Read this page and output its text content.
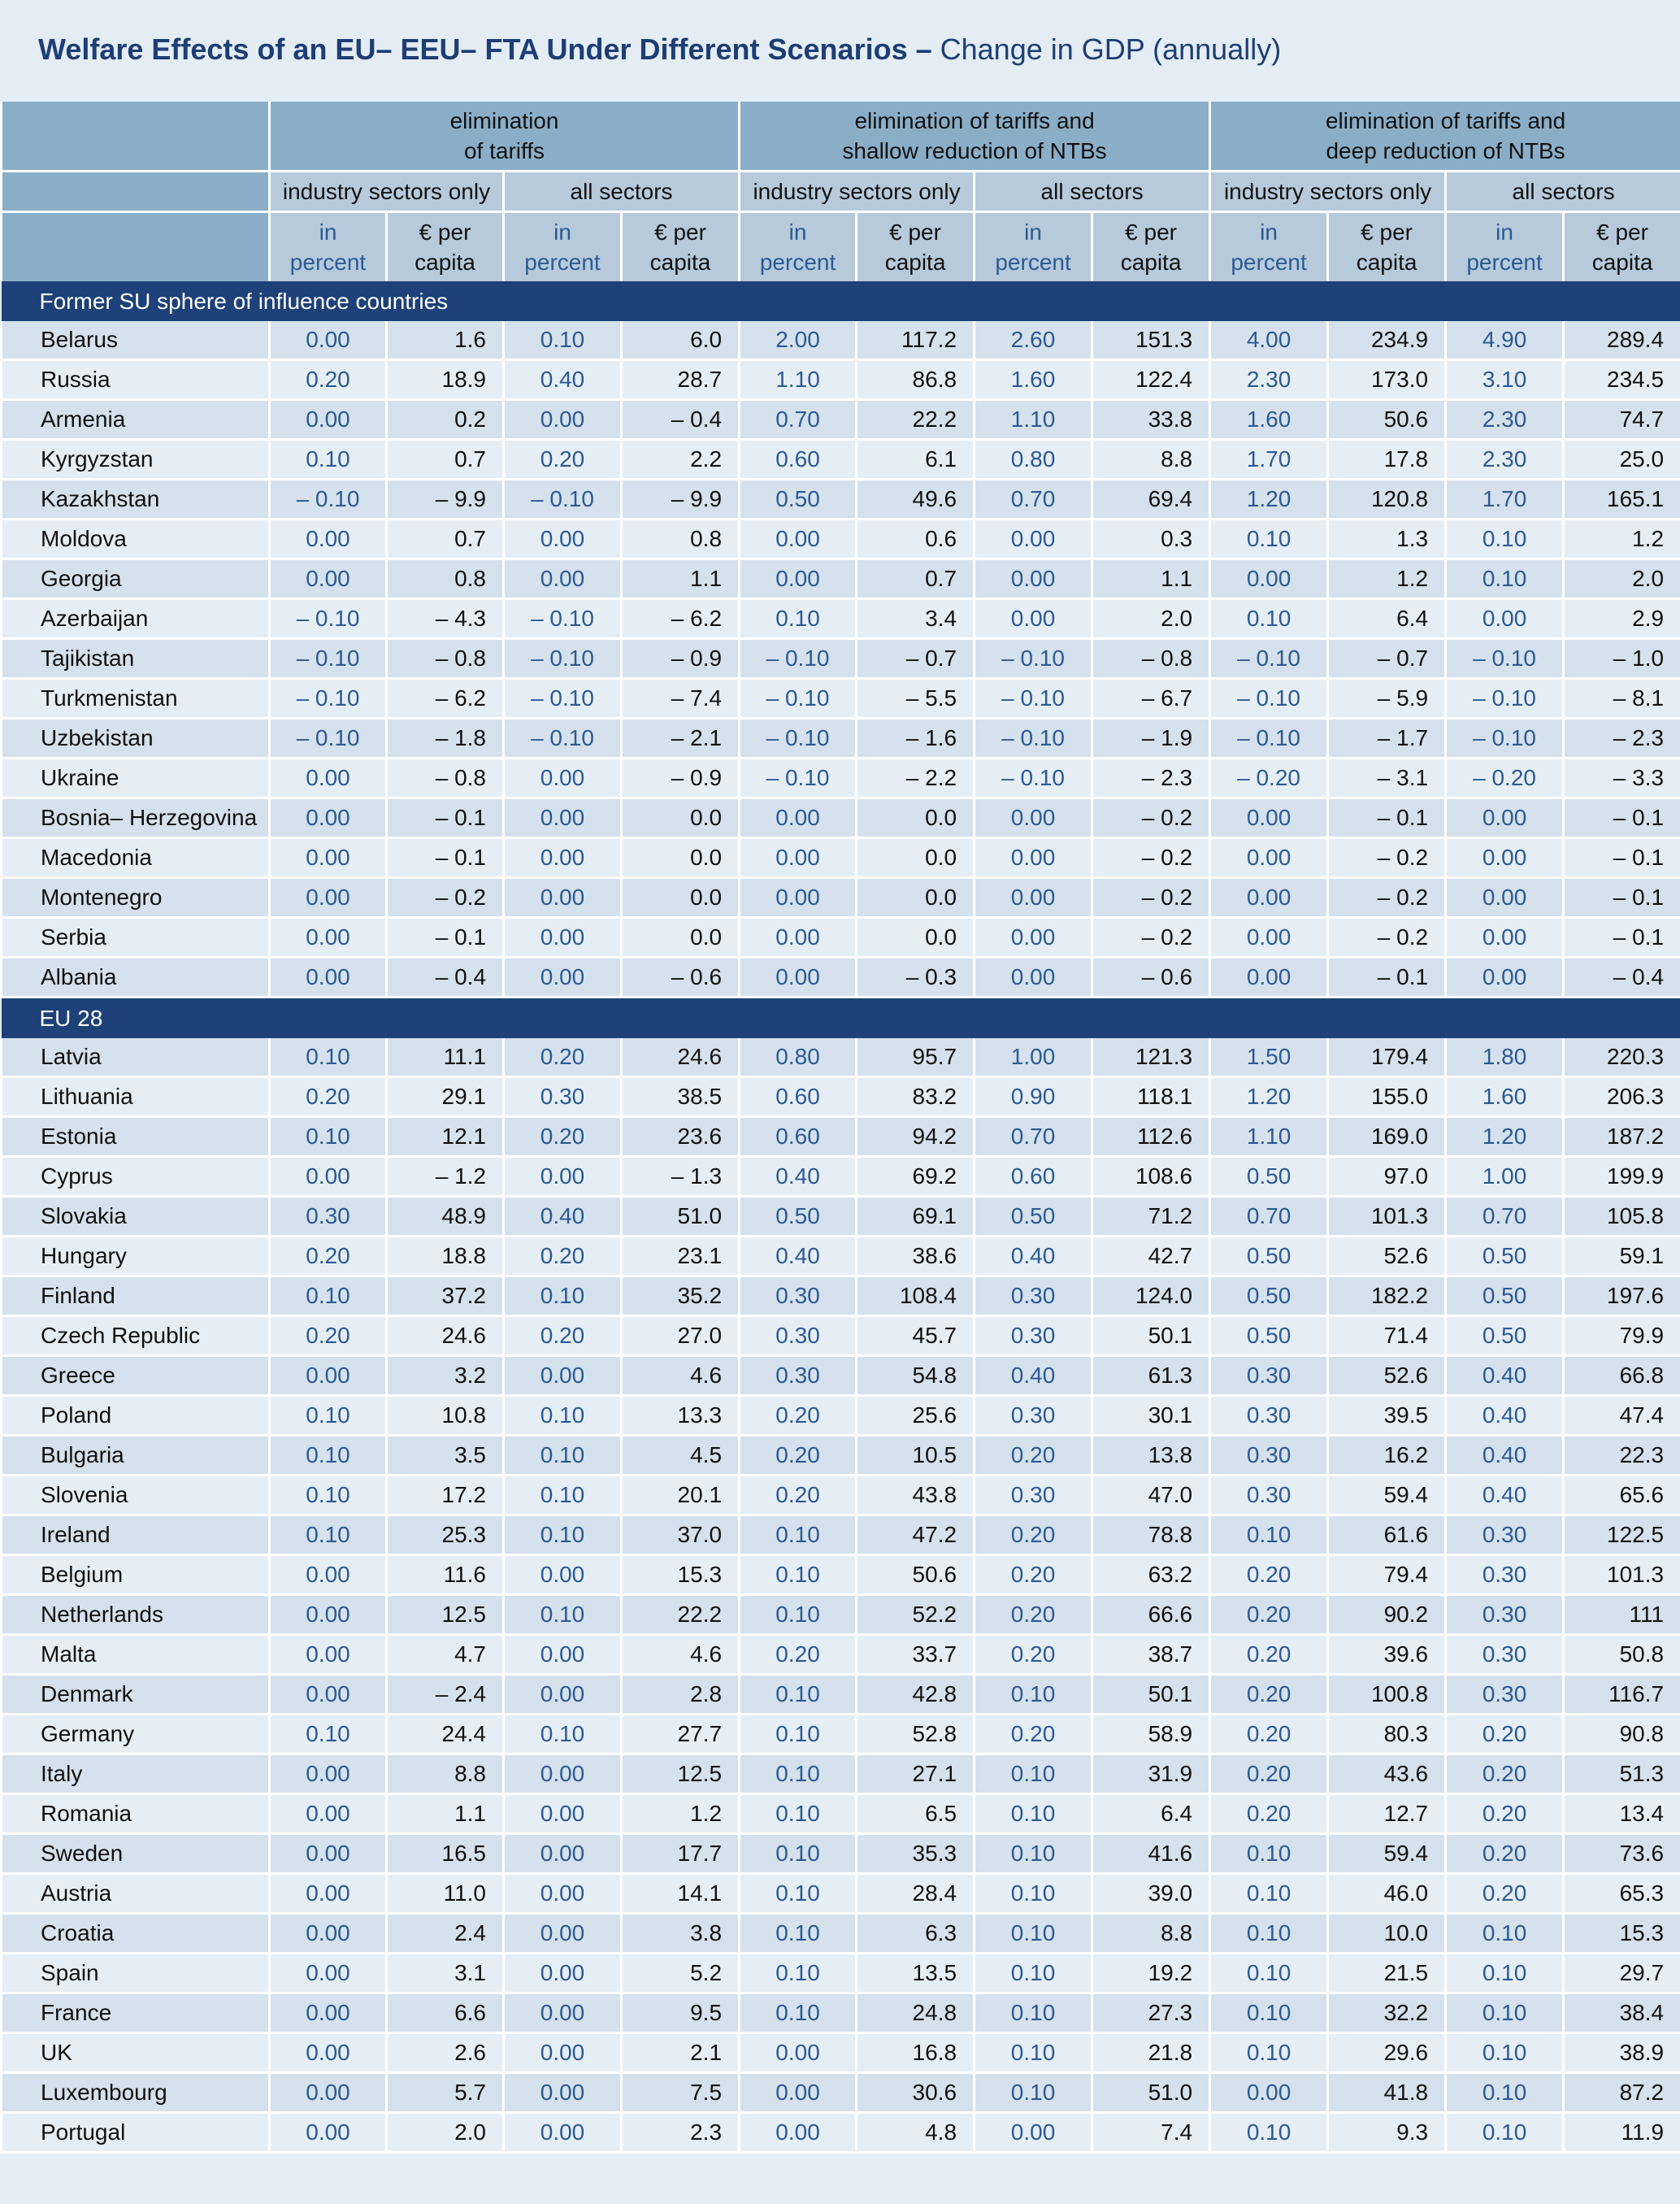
Welfare Effects of an EU– EEU– FTA Under Different Scenarios – Change in GDP (annually)
	elimination
of tariffs				elimination of tariffs and
shallow reduction of NTBs				elimination of tariffs and
deep reduction of NTBs			
	industry sectors only		all sectors		industry sectors only		all sectors		industry sectors only		all sectors	
	in
percent	€ per
capita	in
percent	€ per
capita	in
percent	€ per
capita	in
percent	€ per
capita	in
percent	€ per
capita	in
percent	€ per
capita
Former SU sphere of influence countries												
Belarus	0.00	1.6	0.10	6.0	2.00	117.2	2.60	151.3	4.00	234.9	4.90	289.4
Russia	0.20	18.9	0.40	28.7	1.10	86.8	1.60	122.4	2.30	173.0	3.10	234.5
Armenia	0.00	0.2	0.00	– 0.4	0.70	22.2	1.10	33.8	1.60	50.6	2.30	74.7
Kyrgyzstan	0.10	0.7	0.20	2.2	0.60	6.1	0.80	8.8	1.70	17.8	2.30	25.0
Kazakhstan	– 0.10	– 9.9	– 0.10	– 9.9	0.50	49.6	0.70	69.4	1.20	120.8	1.70	165.1
Moldova	0.00	0.7	0.00	0.8	0.00	0.6	0.00	0.3	0.10	1.3	0.10	1.2
Georgia	0.00	0.8	0.00	1.1	0.00	0.7	0.00	1.1	0.00	1.2	0.10	2.0
Azerbaijan	– 0.10	– 4.3	– 0.10	– 6.2	0.10	3.4	0.00	2.0	0.10	6.4	0.00	2.9
Tajikistan	– 0.10	– 0.8	– 0.10	– 0.9	– 0.10	– 0.7	– 0.10	– 0.8	– 0.10	– 0.7	– 0.10	– 1.0
Turkmenistan	– 0.10	– 6.2	– 0.10	– 7.4	– 0.10	– 5.5	– 0.10	– 6.7	– 0.10	– 5.9	– 0.10	– 8.1
Uzbekistan	– 0.10	– 1.8	– 0.10	– 2.1	– 0.10	– 1.6	– 0.10	– 1.9	– 0.10	– 1.7	– 0.10	– 2.3
Ukraine	0.00	– 0.8	0.00	– 0.9	– 0.10	– 2.2	– 0.10	– 2.3	– 0.20	– 3.1	– 0.20	– 3.3
Bosnia– Herzegovina	0.00	– 0.1	0.00	0.0	0.00	0.0	0.00	– 0.2	0.00	– 0.1	0.00	– 0.1
Macedonia	0.00	– 0.1	0.00	0.0	0.00	0.0	0.00	– 0.2	0.00	– 0.2	0.00	– 0.1
Montenegro	0.00	– 0.2	0.00	0.0	0.00	0.0	0.00	– 0.2	0.00	– 0.2	0.00	– 0.1
Serbia	0.00	– 0.1	0.00	0.0	0.00	0.0	0.00	– 0.2	0.00	– 0.2	0.00	– 0.1
Albania	0.00	– 0.4	0.00	– 0.6	0.00	– 0.3	0.00	– 0.6	0.00	– 0.1	0.00	– 0.4
EU 28												
Latvia	0.10	11.1	0.20	24.6	0.80	95.7	1.00	121.3	1.50	179.4	1.80	220.3
Lithuania	0.20	29.1	0.30	38.5	0.60	83.2	0.90	118.1	1.20	155.0	1.60	206.3
Estonia	0.10	12.1	0.20	23.6	0.60	94.2	0.70	112.6	1.10	169.0	1.20	187.2
Cyprus	0.00	– 1.2	0.00	– 1.3	0.40	69.2	0.60	108.6	0.50	97.0	1.00	199.9
Slovakia	0.30	48.9	0.40	51.0	0.50	69.1	0.50	71.2	0.70	101.3	0.70	105.8
Hungary	0.20	18.8	0.20	23.1	0.40	38.6	0.40	42.7	0.50	52.6	0.50	59.1
Finland	0.10	37.2	0.10	35.2	0.30	108.4	0.30	124.0	0.50	182.2	0.50	197.6
Czech Republic	0.20	24.6	0.20	27.0	0.30	45.7	0.30	50.1	0.50	71.4	0.50	79.9
Greece	0.00	3.2	0.00	4.6	0.30	54.8	0.40	61.3	0.30	52.6	0.40	66.8
Poland	0.10	10.8	0.10	13.3	0.20	25.6	0.30	30.1	0.30	39.5	0.40	47.4
Bulgaria	0.10	3.5	0.10	4.5	0.20	10.5	0.20	13.8	0.30	16.2	0.40	22.3
Slovenia	0.10	17.2	0.10	20.1	0.20	43.8	0.30	47.0	0.30	59.4	0.40	65.6
Ireland	0.10	25.3	0.10	37.0	0.10	47.2	0.20	78.8	0.10	61.6	0.30	122.5
Belgium	0.00	11.6	0.00	15.3	0.10	50.6	0.20	63.2	0.20	79.4	0.30	101.3
Netherlands	0.00	12.5	0.10	22.2	0.10	52.2	0.20	66.6	0.20	90.2	0.30	111
Malta	0.00	4.7	0.00	4.6	0.20	33.7	0.20	38.7	0.20	39.6	0.30	50.8
Denmark	0.00	– 2.4	0.00	2.8	0.10	42.8	0.10	50.1	0.20	100.8	0.30	116.7
Germany	0.10	24.4	0.10	27.7	0.10	52.8	0.20	58.9	0.20	80.3	0.20	90.8
Italy	0.00	8.8	0.00	12.5	0.10	27.1	0.10	31.9	0.20	43.6	0.20	51.3
Romania	0.00	1.1	0.00	1.2	0.10	6.5	0.10	6.4	0.20	12.7	0.20	13.4
Sweden	0.00	16.5	0.00	17.7	0.10	35.3	0.10	41.6	0.10	59.4	0.20	73.6
Austria	0.00	11.0	0.00	14.1	0.10	28.4	0.10	39.0	0.10	46.0	0.20	65.3
Croatia	0.00	2.4	0.00	3.8	0.10	6.3	0.10	8.8	0.10	10.0	0.10	15.3
Spain	0.00	3.1	0.00	5.2	0.10	13.5	0.10	19.2	0.10	21.5	0.10	29.7
France	0.00	6.6	0.00	9.5	0.10	24.8	0.10	27.3	0.10	32.2	0.10	38.4
UK	0.00	2.6	0.00	2.1	0.00	16.8	0.10	21.8	0.10	29.6	0.10	38.9
Luxembourg	0.00	5.7	0.00	7.5	0.00	30.6	0.10	51.0	0.00	41.8	0.10	87.2
Portugal	0.00	2.0	0.00	2.3	0.00	4.8	0.00	7.4	0.10	9.3	0.10	11.9
